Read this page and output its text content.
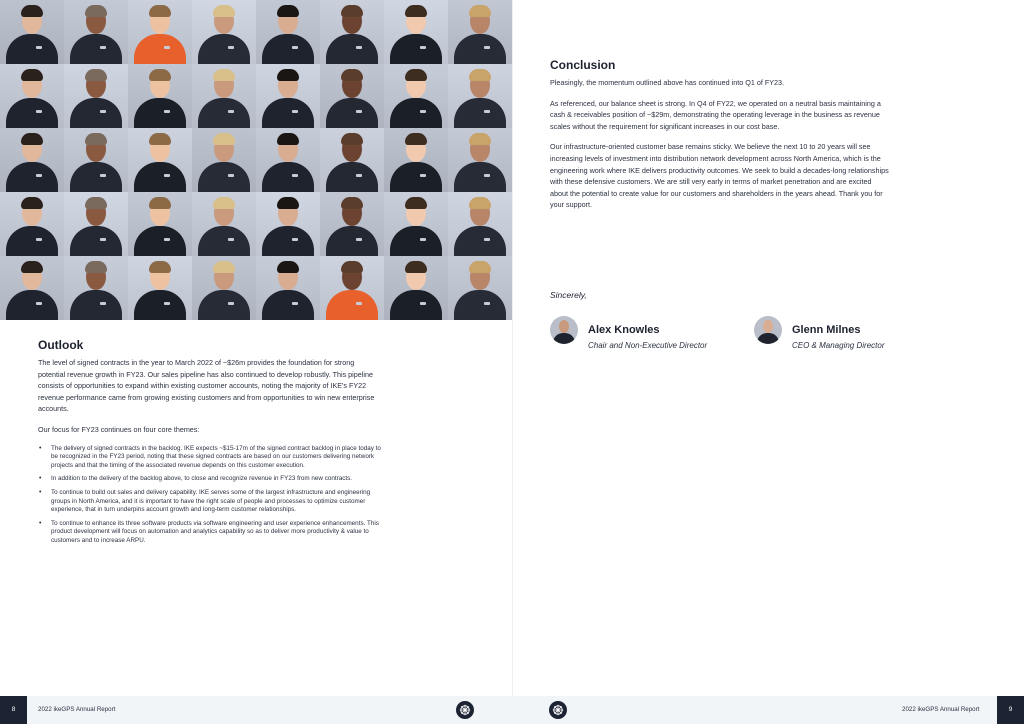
Outlook

The level of signed contracts in the year to March 2022 of ~$26m provides the foundation for strong potential revenue growth in FY23. Our sales pipeline has also continued to develop robustly. This pipeline consists of opportunities to expand within existing customer accounts, noting the majority of IKE's FY22 revenue performance came from growing existing customers and from opportunities to win new enterprise accounts.

Our focus for FY23 continues on four core themes:

• The delivery of signed contracts in the backlog. IKE expects ~$15-17m of the signed contract backlog in place today to be recognized in the FY23 period, noting that these signed contracts are based on our customers delivering network projects and that the timing of the associated revenue depends on this customer execution.
• In addition to the delivery of the backlog above, to close and recognize revenue in FY23 from new contracts.
• To continue to build out sales and delivery capability. IKE serves some of the largest infrastructure and engineering groups in North America, and it is important to have the right scale of people and processes to optimize customer experience, that in turn underpins account growth and long-term customer relationships.
• To continue to enhance its three software products via software engineering and user experience enhancements. This product development will focus on automation and analytics capability so as to deliver more productivity & value to customers and to increase ARPU.
Conclusion

Pleasingly, the momentum outlined above has continued into Q1 of FY23.

As referenced, our balance sheet is strong. In Q4 of FY22, we operated on a neutral basis maintaining a cash & receivables position of ~$29m, demonstrating the operating leverage in the business as revenue scales without the requirement for significant increases in our cost base.

Our infrastructure-oriented customer base remains sticky. We believe the next 10 to 20 years will see increasing levels of investment into distribution network development across North America, which is the engineering work where IKE delivers productivity outcomes. We seek to build a decades-long relationships with these defensive customers. We are still very early in terms of market penetration and are excited about the potential to create value for our customers and shareholders in the years ahead. Thank you for your support.

Sincerely,
Alex Knowles
Chair and Non-Executive Director
Glenn Milnes
CEO & Managing Director
8	2022 ikeGPS Annual Report	2022 ikeGPS Annual Report	9
